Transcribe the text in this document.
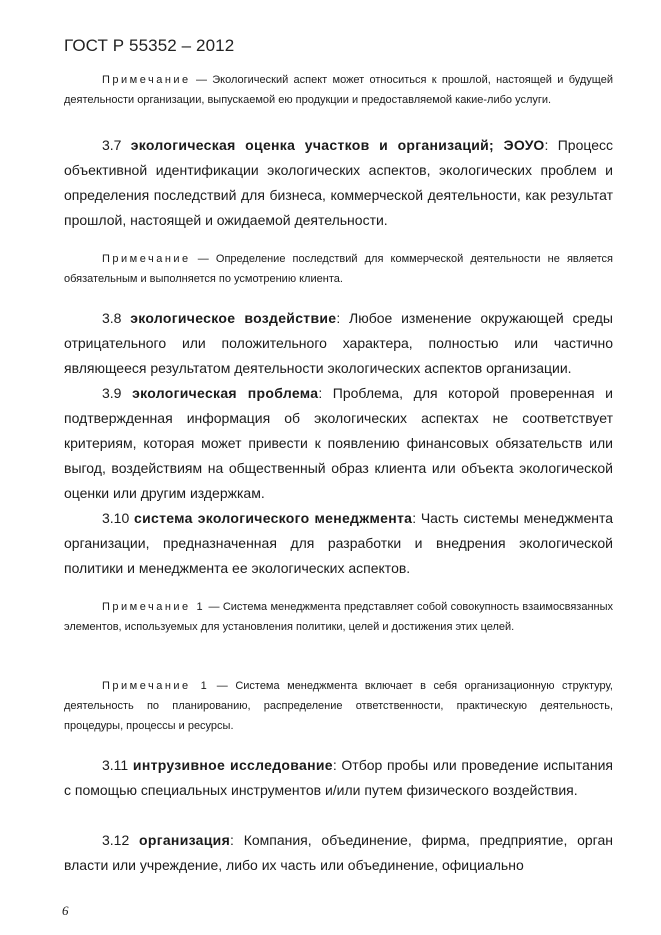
ГОСТ Р 55352 – 2012
Примечание — Экологический аспект может относиться к прошлой, настоящей и будущей деятельности организации, выпускаемой ею продукции и предоставляемой какие-либо услуги.
3.7 экологическая оценка участков и организаций; ЭОУО: Процесс объективной идентификации экологических аспектов, экологических проблем и определения последствий для бизнеса, коммерческой деятельности, как результат прошлой, настоящей и ожидаемой деятельности.
Примечание — Определение последствий для коммерческой деятельности не является обязательным и выполняется по усмотрению клиента.
3.8 экологическое воздействие: Любое изменение окружающей среды отрицательного или положительного характера, полностью или частично являющееся результатом деятельности экологических аспектов организации.
3.9 экологическая проблема: Проблема, для которой проверенная и подтвержденная информация об экологических аспектах не соответствует критериям, которая может привести к появлению финансовых обязательств или выгод, воздействиям на общественный образ клиента или объекта экологической оценки или другим издержкам.
3.10 система экологического менеджмента: Часть системы менеджмента организации, предназначенная для разработки и внедрения экологической политики и менеджмента ее экологических аспектов.
Примечание 1 — Система менеджмента представляет собой совокупность взаимосвязанных элементов, используемых для установления политики, целей и достижения этих целей.
Примечание 1 — Система менеджмента включает в себя организационную структуру, деятельность по планированию, распределение ответственности, практическую деятельность, процедуры, процессы и ресурсы.
3.11 интрузивное исследование: Отбор пробы или проведение испытания с помощью специальных инструментов и/или путем физического воздействия.
3.12 организация: Компания, объединение, фирма, предприятие, орган власти или учреждение, либо их часть или объединение, официально
6
